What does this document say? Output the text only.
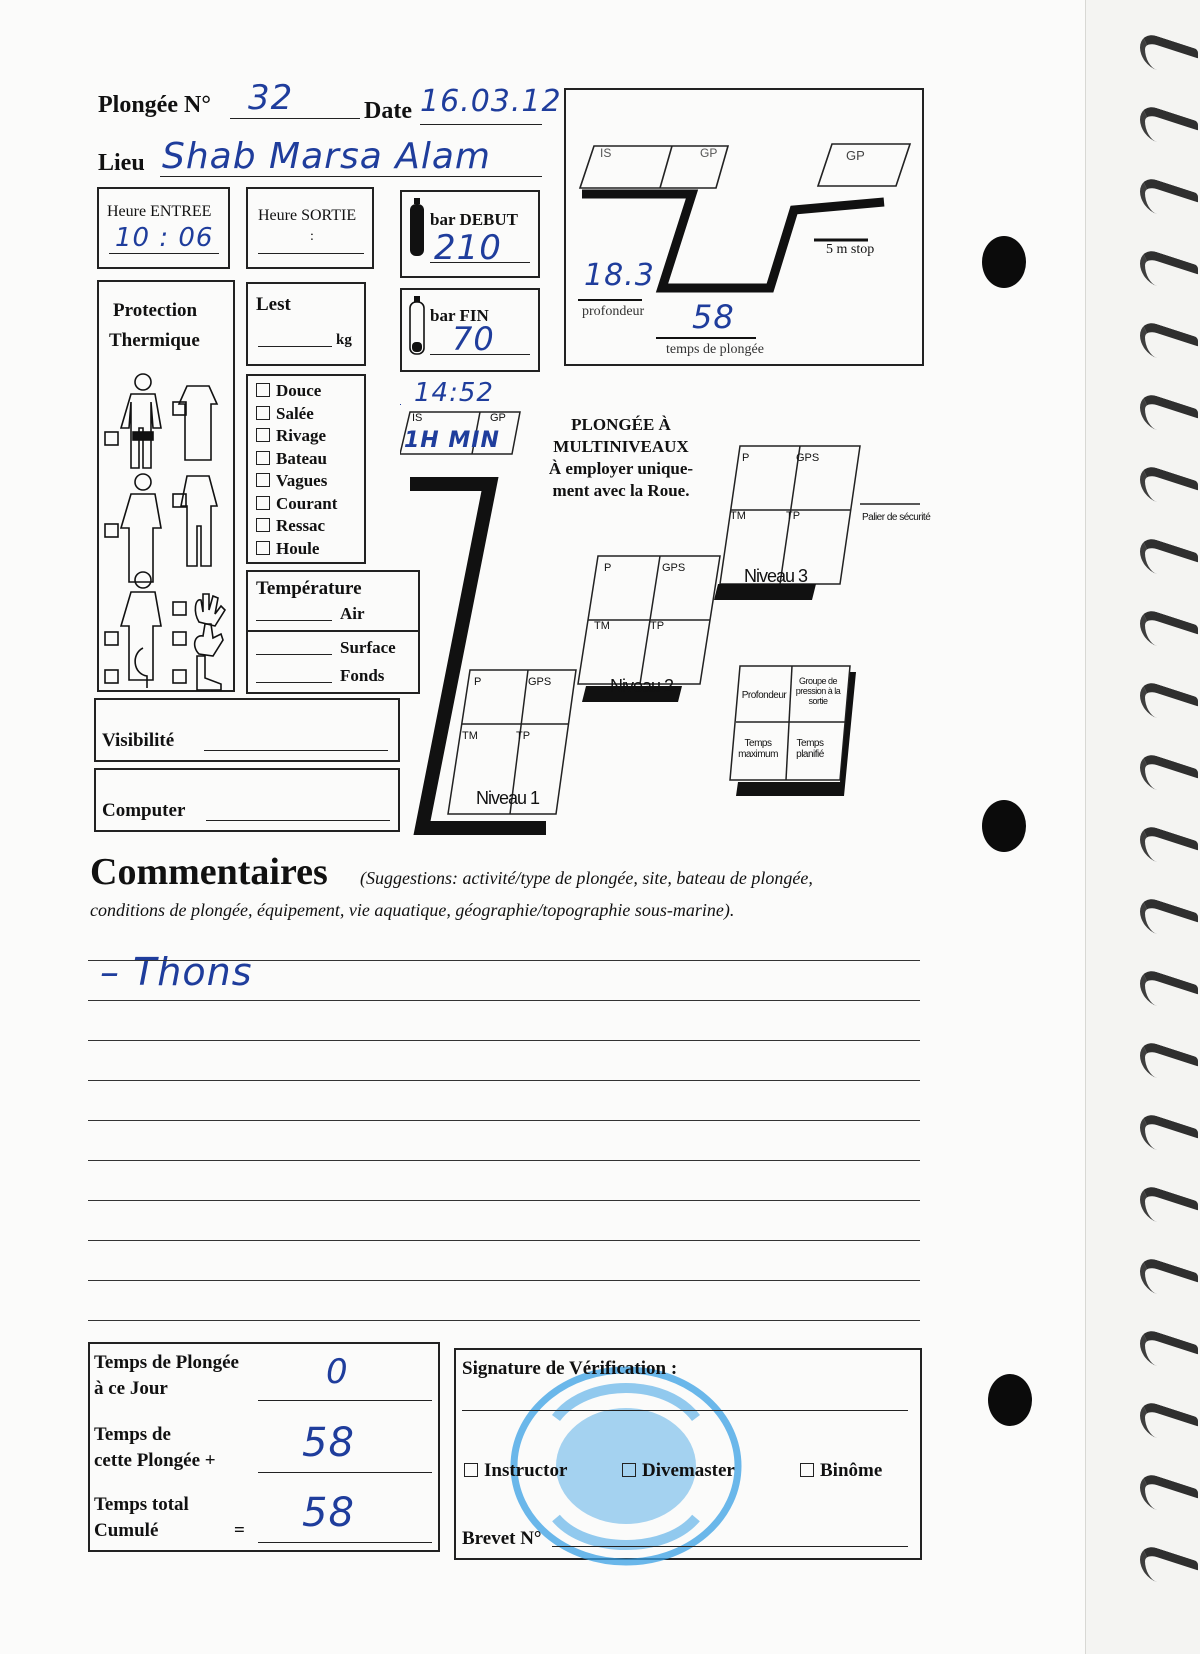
Plongée N° 32	Date 16.03.12
Lieu Shab Marsa Alam
Heure ENTREE
10 : 06
Heure SORTIE
:
bar DEBUT
210
bar FIN
70
IS	GP	GP
5 m stop
18.3
profondeur 58
temps de plongée
Protection
Thermique
Lest
kg
Douce
Salée
Rivage
Bateau
Vagues
Courant
Ressac
Houle
Température
Air
Surface
Fonds
Visibilité
Computer
14:52
IS
1H MIN
GP	PLONGÉE À
MULTINIVEAUX
À employer unique-
ment avec la Roue.
Palier de sécurité
P	GPS
TM	TP
Niveau 3
P	GPS
TM	TP
Niveau 2
P	GPS
TM	TP
Niveau 1
Profondeur
Groupe de pression à la sortie
Temps maximum
Temps planifié
Commentaires (Suggestions: activité/type de plongée, site, bateau de plongée,
conditions de plongée, équipement, vie aquatique, géographie/topographie sous-marine).
– Thons
Temps de Plongée
à ce Jour	0
Temps de
cette Plongée + 58
Temps total
Cumulé	= 58
Signature de Vérification :
Instructor	Divemaster	Binôme
Brevet N°
